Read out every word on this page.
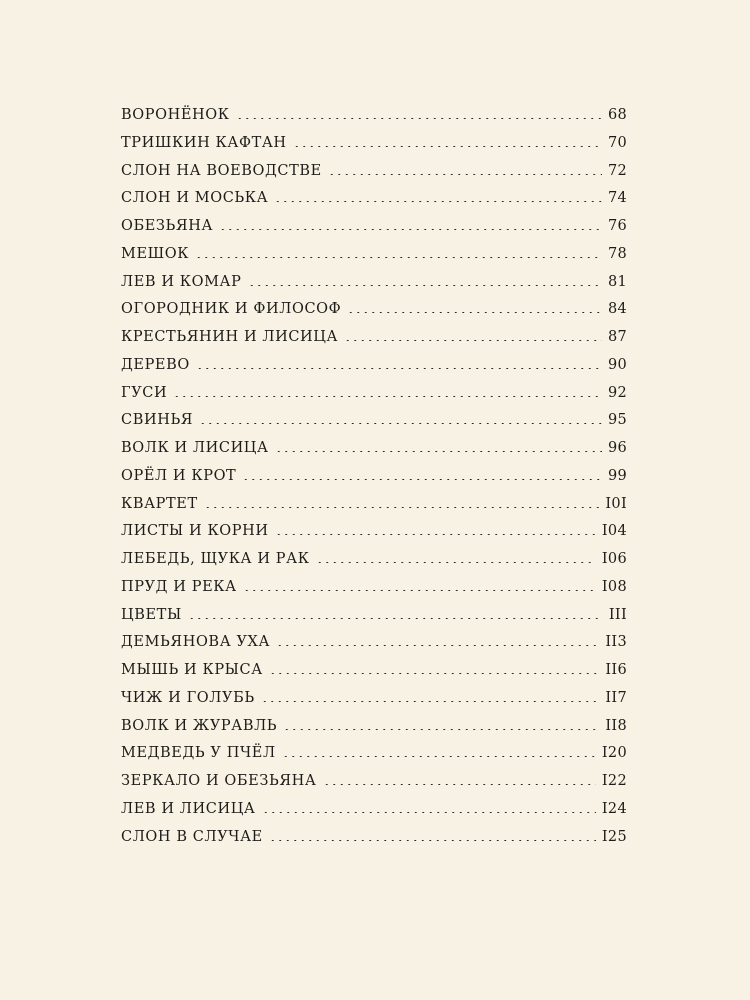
ВОРОНЁНОК	68
ТРИШКИН КАФТАН	70
СЛОН НА ВОЕВОДСТВЕ	72
СЛОН И МОСЬКА	74
ОБЕЗЬЯНА	76
МЕШОК	78
ЛЕВ И КОМАР	81
ОГОРОДНИК И ФИЛОСОФ	84
КРЕСТЬЯНИН И ЛИСИЦА	87
ДЕРЕВО	90
ГУСИ	92
СВИНЬЯ	95
ВОЛК И ЛИСИЦА	96
ОРЁЛ И КРОТ	99
КВАРТЕТ	I0I
ЛИСТЫ И КОРНИ	I04
ЛЕБЕДЬ, ЩУКА И РАК	I06
ПРУД И РЕКА	I08
ЦВЕТЫ	III
ДЕМЬЯНОВА УХА	II3
МЫШЬ И КРЫСА	II6
ЧИЖ И ГОЛУБЬ	II7
ВОЛК И ЖУРАВЛЬ	II8
МЕДВЕДЬ У ПЧЁЛ	I20
ЗЕРКАЛО И ОБЕЗЬЯНА	I22
ЛЕВ И ЛИСИЦА	I24
СЛОН В СЛУЧАЕ	I25
